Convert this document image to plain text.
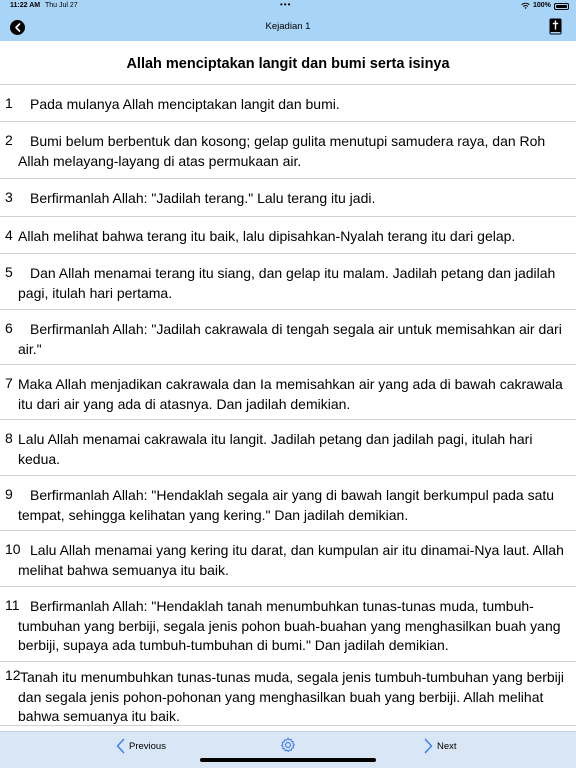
11:22 AM Thu Jul 27	•••	100%
Kejadian 1
Allah menciptakan langit dan bumi serta isinya
1	Pada mulanya Allah menciptakan langit dan bumi.
2	Bumi belum berbentuk dan kosong; gelap gulita menutupi samudera raya, dan Roh Allah melayang-layang di atas permukaan air.
3	Berfirmanlah Allah: "Jadilah terang." Lalu terang itu jadi.
4 Allah melihat bahwa terang itu baik, lalu dipisahkan-Nyalah terang itu dari gelap.
5	Dan Allah menamai terang itu siang, dan gelap itu malam. Jadilah petang dan jadilah pagi, itulah hari pertama.
6	Berfirmanlah Allah: "Jadilah cakrawala di tengah segala air untuk memisahkan air dari air."
7 Maka Allah menjadikan cakrawala dan Ia memisahkan air yang ada di bawah cakrawala itu dari air yang ada di atasnya. Dan jadilah demikian.
8 Lalu Allah menamai cakrawala itu langit. Jadilah petang dan jadilah pagi, itulah hari kedua.
9	Berfirmanlah Allah: "Hendaklah segala air yang di bawah langit berkumpul pada satu tempat, sehingga kelihatan yang kering." Dan jadilah demikian.
10 Lalu Allah menamai yang kering itu darat, dan kumpulan air itu dinamai-Nya laut. Allah melihat bahwa semuanya itu baik.
11 Berfirmanlah Allah: "Hendaklah tanah menumbuhkan tunas-tunas muda, tumbuh-tumbuhan yang berbiji, segala jenis pohon buah-buahan yang menghasilkan buah yang berbiji, supaya ada tumbuh-tumbuhan di bumi." Dan jadilah demikian.
12 Tanah itu menumbuhkan tunas-tunas muda, segala jenis tumbuh-tumbuhan yang berbiji dan segala jenis pohon-pohonan yang menghasilkan buah yang berbiji. Allah melihat bahwa semuanya itu baik.
Previous	Next
